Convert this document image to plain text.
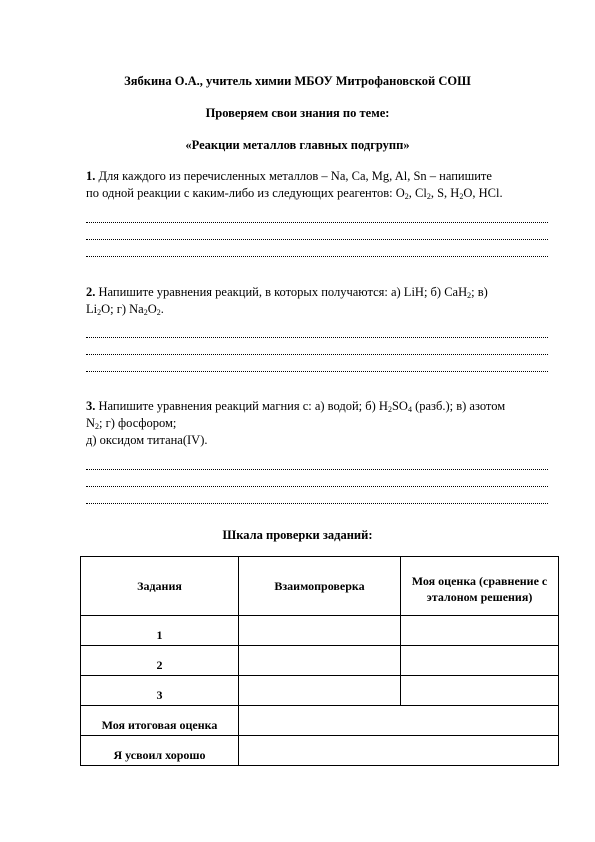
Зябкина О.А., учитель химии МБОУ Митрофановской СОШ
Проверяем свои знания по теме:
«Реакции металлов главных подгрупп»
1. Для каждого из перечисленных металлов – Na, Ca, Mg, Al, Sn – напишите
по одной реакции с каким-либо из следующих реагентов: $O_2$, $Cl_2$, S, $H_2O$, HCl.
2. Напишите уравнения реакций, в которых получаются: а) LiH; б) CaH$_2$; в)
$Li_2O$; г) $Na_2O_2$.
3. Напишите уравнения реакций магния с: а) водой; б) $H_2SO_4$ (разб.); в) азотом
$N_2$; г) фосфором;
д) оксидом титана(IV).
Шкала проверки заданий:
Задания	Взаимопроверка	Моя оценка (сравнение с эталоном решения)
1		
2		
3		
Моя итоговая оценка		
Я усвоил хорошо		
